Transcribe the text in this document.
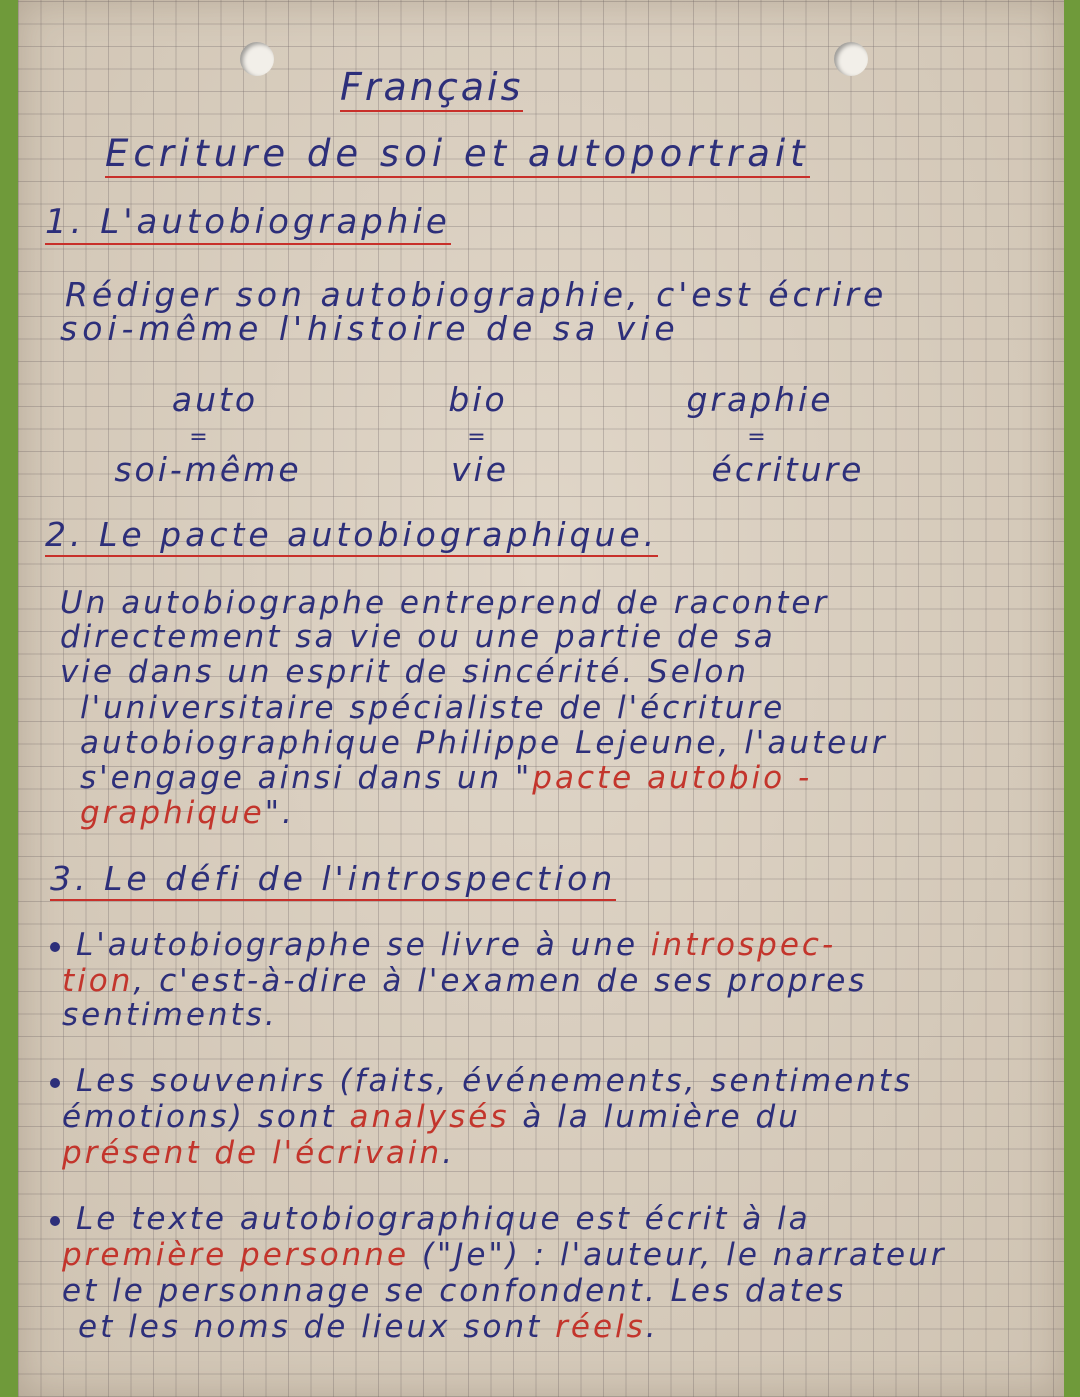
Français
Ecriture de soi et autoportrait
1. L'autobiographie
Rédiger son autobiographie, c'est écrire
soi-même l'histoire de sa vie
auto
=
soi-même
bio
=
vie
graphie
=
écriture
2. Le pacte autobiographique.
3. Le défi de l'introspection
Un autobiographe entreprend de raconter
directement sa vie ou une partie de sa
vie dans un esprit de sincérité. Selon
l'universitaire spécialiste de l'écriture
autobiographique Philippe Lejeune, l'auteur
s'engage ainsi dans un "pacte autobio -
graphique".
L'autobiographe se livre à une introspec-
tion, c'est-à-dire à l'examen de ses propres
sentiments.
Les souvenirs (faits, événements, sentiments
émotions) sont analysés à la lumière du
présent de l'écrivain.
Le texte autobiographique est écrit à la
première personne ("Je") : l'auteur, le narrateur
et le personnage se confondent. Les dates
et les noms de lieux sont réels.
